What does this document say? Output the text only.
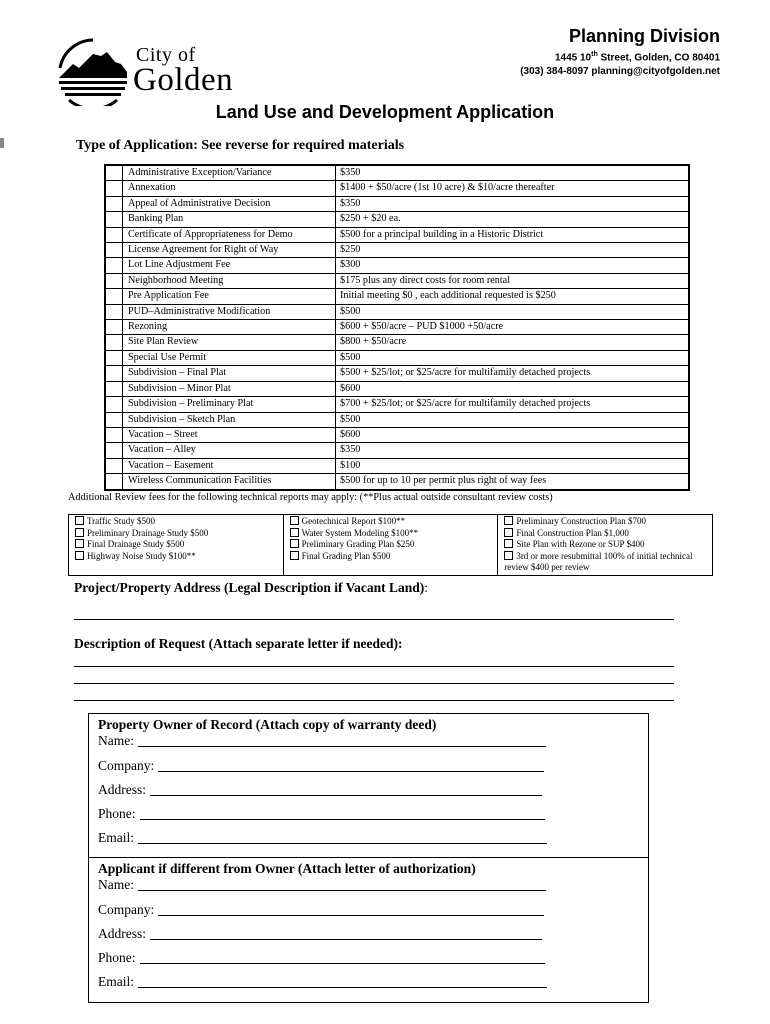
City of
Golden
Planning Division
1445 10th Street, Golden, CO 80401
(303) 384-8097 planning@cityofgolden.net
Land Use and Development Application
Type of Application: See reverse for required materials
	Administrative Exception/Variance	$350
	Annexation	$1400 + $50/acre (1st 10 acre) & $10/acre thereafter
	Appeal of Administrative Decision	$350
	Banking Plan	$250 + $20 ea.
	Certificate of Appropriateness for Demo	$500 for a principal building in a Historic District
	License Agreement for Right of Way	$250
	Lot Line Adjustment Fee	$300
	Neighborhood Meeting	$175 plus any direct costs for room rental
	Pre Application Fee	Initial meeting $0 , each additional requested is $250
	PUD–Administrative Modification	$500
	Rezoning	$600 + $50/acre – PUD $1000 +50/acre
	Site Plan Review	$800 + $50/acre
	Special Use Permit	$500
	Subdivision – Final Plat	$500 + $25/lot; or $25/acre for multifamily detached projects
	Subdivision – Minor Plat	$600
	Subdivision – Preliminary Plat	$700 + $25/lot; or $25/acre for multifamily detached projects
	Subdivision – Sketch Plan	$500
	Vacation – Street	$600
	Vacation – Alley	$350
	Vacation – Easement	$100
	Wireless Communication Facilities	$500 for up to 10 per permit plus right of way fees
Additional Review fees for the following technical reports may apply: (**Plus actual outside consultant review costs)
Traffic Study $500
Preliminary Drainage Study $500
Final Drainage Study $500
Highway Noise Study $100**

Geotechnical Report $100**
Water System Modeling $100**
Preliminary Grading Plan $250
Final Grading Plan $500

Preliminary Construction Plan $700
Final Construction Plan $1,000
Site Plan with Rezone or SUP $400
3rd or more resubmittal 100% of initial technical review $400 per review
Project/Property Address (Legal Description if Vacant Land):
Description of Request (Attach separate letter if needed):
Property Owner of Record (Attach copy of warranty deed)
Name:
Company:
Address:
Phone:
Email:
Applicant if different from Owner (Attach letter of authorization)
Name:
Company:
Address:
Phone:
Email:
